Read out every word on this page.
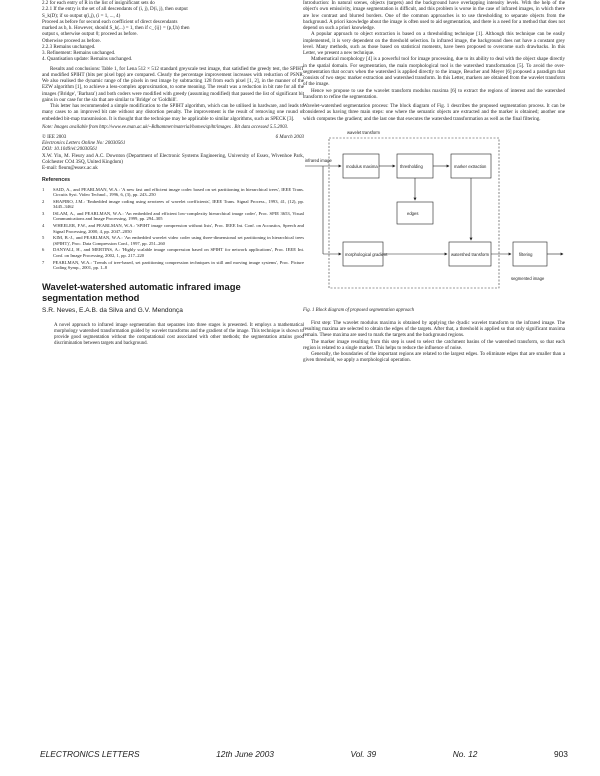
2.2 for each entry of R in the list of insignificant sets do

2.2.1 If the entry is the set of all descendants of (i, j), D(i, j), then output

S_k(D); if so output q(i,j), (i = 1, ..., 4)

Proceed as before for second each coefficient of direct descendants

marked as b, h. However, should S_k(...) = 1, then if c_{ij} = (p,f,h) then

output s, otherwise output 0; proceed as before.

Otherwise proceed as before.

2.2.3 Remains unchanged.

3. Refinement: Remains unchanged.

4. Quantisation update: Remains unchanged.

Results and conclusions: Table 1, for Lena 512 × 512 standard greyscale test image, that satisfied the greedy test, the SPIHT and modified SPIHT (bits per pixel bpp) are compared. Clearly the percentage improvement increases with reduction of PSNR. We also realised the dynamic range of the pixels in test image by subtracting 128 from each pixel [1, 2], in the manner of the EZW algorithm [1], to achieve a less-complex approximation, to some meaning. The result was a reduction in bit rate for all the images ('Bridge', 'Barbara') and both coders were modified with greedy (assuming modified) that passed the list of significant bit gains in our case for the six that are similar to 'Bridge' or 'Goldhill'.

This letter has recommended a simple modification to the SPIHT algorithm, which can be utilised in hardware, and leads to many cases to an improved bit rate without any distortion penalty. The improvement is the result of removing one round of embedded bit-map transmission. It is thought that the technique may be applicable to similar algorithms, such as SPECK [3].

Note: Images available from http://www.ee.man.ac.uk/~Bdhammer/material/homes/spiht/images . Bit data accessed 5.5.2003.

© IEE 2003	6 March 2003

Electronics Letters Online No: 20030561

DOI: 10.1049/el:20030561

X.W. Yin, M. Fleury and A.C. Downton (Department of Electronic Systems Engineering, University of Essex, Wivenhoe Park, Colchester CO4 3SQ, United Kingdom)

E-mail: fleum@essex.ac.uk

References

1	SAID, A., and PEARLMAN, W.A.: 'A new fast and efficient image codec based on set partitioning in hierarchical trees', IEEE Trans. Circuits Syst. Video Technol., 1996, 6, (3), pp. 243–250
2	SHAPIRO, J.M.: 'Embedded image coding using zerotrees of wavelet coefficients', IEEE Trans. Signal Process., 1993, 41, (12), pp. 3445–3462
3	ISLAM, A., and PEARLMAN, W.A.: 'An embedded and efficient low-complexity hierarchical image coder', Proc. SPIE 3653, Visual Communications and Image Processing, 1999, pp. 294–305
4	WHEELER, F.W., and PEARLMAN, W.A.: 'SPIHT image compression without lists', Proc. IEEE Int. Conf. on Acoustics, Speech and Signal Processing, 2000, 4, pp. 2047–2050
5	KIM, B.-J., and PEARLMAN, W.A.: 'An embedded wavelet video coder using three-dimensional set partitioning in hierarchical trees (SPIHT)', Proc. Data Compression Conf., 1997, pp. 251–260
6	DANYALI, H., and MERTINS, A.: 'Highly scalable image compression based on SPIHT for network applications', Proc. IEEE Int. Conf. on Image Processing, 2002, 1, pp. 217–220
7	PEARLMAN, W.A.: 'Trends of tree-based, set partitioning compression techniques in still and moving image systems', Proc. Picture Coding Symp., 2001, pp. 1–8

Wavelet-watershed automatic infrared image segmentation method

S.R. Neves, E.A.B. da Silva and G.V. Mendonça

A novel approach to infrared image segmentation that separates into three stages is presented. It employs a mathematical morphology watershed transformation guided by wavelet transforms and the gradient of the image. This technique is shown to provide good segmentation without the computational cost associated with other methods; the segmentation attains good discrimination between targets and background.

Introduction: In natural scenes, objects (targets) and the background have overlapping intensity levels. With the help of the object's own emissivity, image segmentation is difficult, and this problem is worse in the case of infrared images, in which there are low contrast and blurred borders. One of the common approaches is to use thresholding to separate objects from the background. A priori knowledge about the image is often used to aid segmentation, and there is a need for a method that does not depend on such a priori knowledge.

A popular approach to object extraction is based on a thresholding technique [1]. Although this technique can be easily implemented, it is very dependent on the threshold selection. In infrared image, the background does not have a constant grey level. Many methods, such as those based on statistical moments, have been proposed to overcome such drawbacks. In this Letter, we present a new technique.

Mathematical morphology [4] is a powerful tool for image processing, due to its ability to deal with the object shape directly in the spatial domain. For segmentation, the main morphological tool is the watershed transformation [5]. To avoid the over-segmentation that occurs when the watershed is applied directly to the image, Beucher and Meyer [6] proposed a paradigm that consists of two steps: marker extraction and watershed transform. In this Letter, markers are obtained from the wavelet transform of the image.

Hence we propose to use the wavelet transform modulus maxima [6] to extract the regions of interest and the watershed transform to refine the segmentation.

Wavelet-watershed segmentation process: The block diagram of Fig. 1 describes the proposed segmentation process. It can be considered as having three main steps: one where the semantic objects are extracted and the marker is obtained; another one which computes the gradient; and the last one that executes the watershed transformation as well as the final filtering.

infrared image
wavelet transform
modulus maxima	thresholding	marker extraction
edges
morphological gradient	watershed transform	filtering
segmented image

Fig. 1 Block diagram of proposed segmentation approach

First step: The wavelet modulus maxima is obtained by applying the dyadic wavelet transform to the infrared image. The resulting maxima are selected to obtain the edges of the targets. After that, a threshold is applied so that only significant maxima remain. These maxima are used to mark the targets and the background regions.

The marker image resulting from this step is used to select the catchment basins of the watershed transform, so that each region is related to a single marker. This helps to reduce the influence of noise.

Generally, the boundaries of the important regions are related to the largest edges. To eliminate edges that are smaller than a given threshold, we apply a morphological operation.

ELECTRONICS LETTERS	12th June 2003	Vol. 39	No. 12	903
